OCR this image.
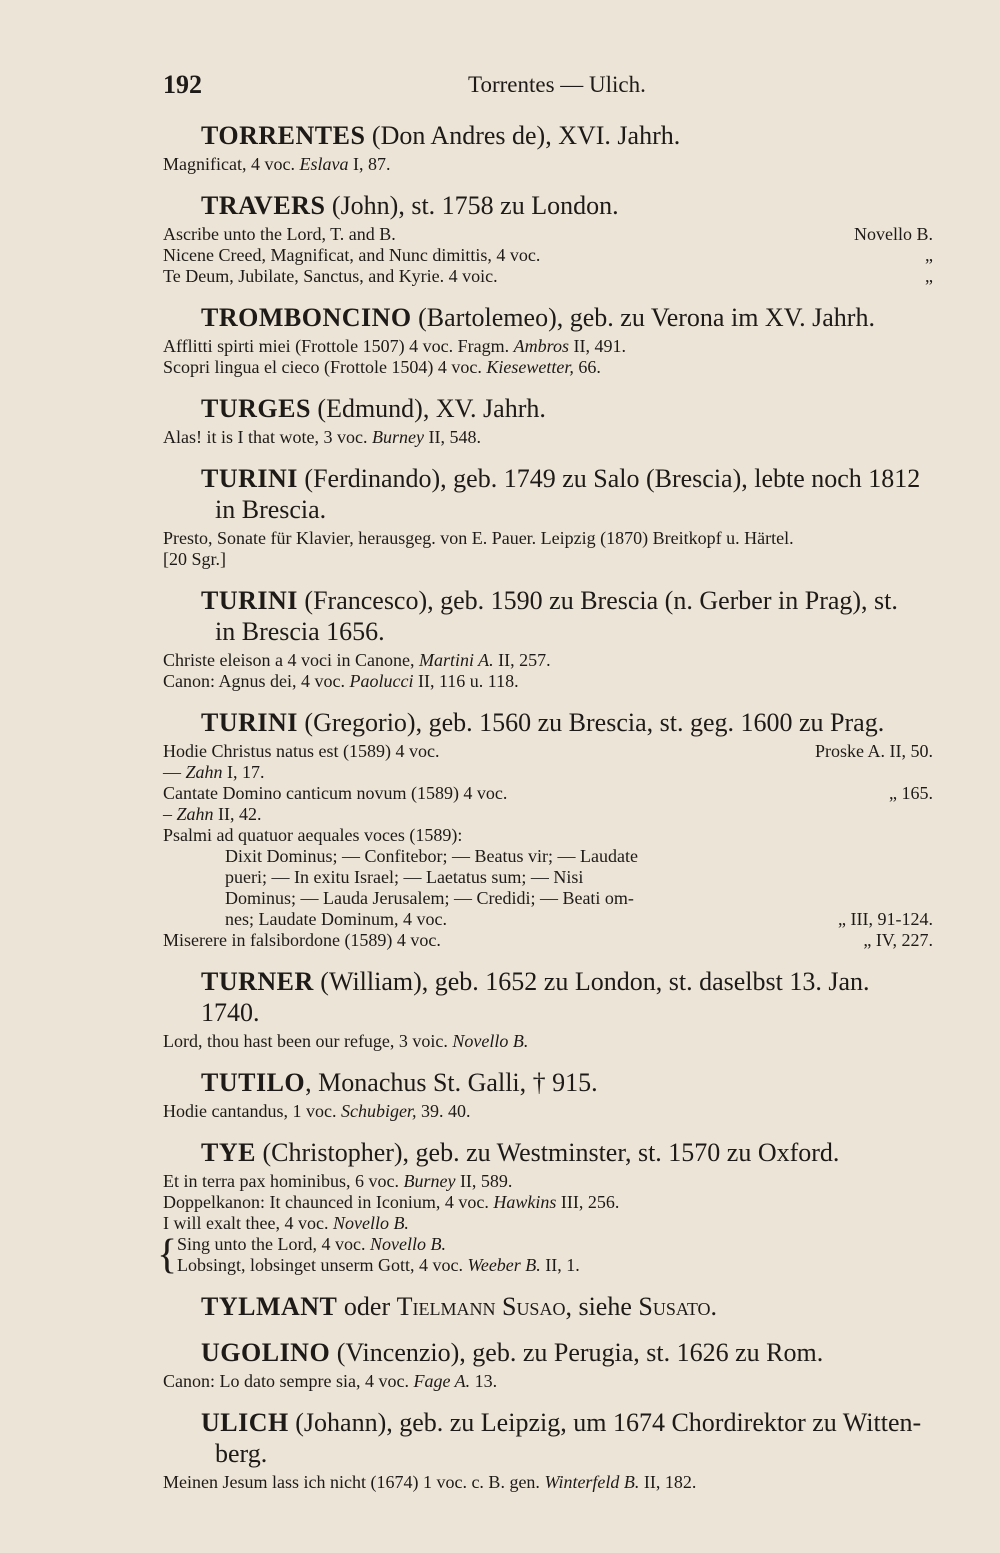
192	Torrentes — Ulich.
TORRENTES (Don Andres de), XVI. Jahrh.
Magnificat, 4 voc. Eslava I, 87.
TRAVERS (John), st. 1758 zu London.
Ascribe unto the Lord, T. and B.	Novello B.
Nicene Creed, Magnificat, and Nunc dimittis, 4 voc.	„
Te Deum, Jubilate, Sanctus, and Kyrie. 4 voic.	„
TROMBONCINO (Bartolemeo), geb. zu Verona im XV. Jahrh.
Afflitti spirti miei (Frottole 1507) 4 voc. Fragm. Ambros II, 491.
Scopri lingua el cieco (Frottole 1504) 4 voc. Kiesewetter, 66.
TURGES (Edmund), XV. Jahrh.
Alas! it is I that wote, 3 voc. Burney II, 548.
TURINI (Ferdinando), geb. 1749 zu Salo (Brescia), lebte noch 1812
in Brescia.
Presto, Sonate für Klavier, herausgeg. von E. Pauer. Leipzig (1870) Breitkopf u. Härtel.
[20 Sgr.]
TURINI (Francesco), geb. 1590 zu Brescia (n. Gerber in Prag), st.
in Brescia 1656.
Christe eleison a 4 voci in Canone, Martini A. II, 257.
Canon: Agnus dei, 4 voc. Paolucci II, 116 u. 118.
TURINI (Gregorio), geb. 1560 zu Brescia, st. geg. 1600 zu Prag.
Hodie Christus natus est (1589) 4 voc.	Proske A. II, 50.
— Zahn I, 17.
Cantate Domino canticum novum (1589) 4 voc.	„ 165.
– Zahn II, 42.
Psalmi ad quatuor aequales voces (1589):
Dixit Dominus; — Confitebor; — Beatus vir; — Laudate
pueri; — In exitu Israel; — Laetatus sum; — Nisi
Dominus; — Lauda Jerusalem; — Credidi; — Beati om-
nes; Laudate Dominum, 4 voc.	„ III, 91-124.
Miserere in falsibordone (1589) 4 voc.	„ IV, 227.
TURNER (William), geb. 1652 zu London, st. daselbst 13. Jan. 1740.
Lord, thou hast been our refuge, 3 voic. Novello B.
TUTILO, Monachus St. Galli, † 915.
Hodie cantandus, 1 voc. Schubiger, 39. 40.
TYE (Christopher), geb. zu Westminster, st. 1570 zu Oxford.
Et in terra pax hominibus, 6 voc. Burney II, 589.
Doppelkanon: It chaunced in Iconium, 4 voc. Hawkins III, 256.
I will exalt thee, 4 voc. Novello B.
{ Sing unto the Lord, 4 voc. Novello B.
Lobsingt, lobsinget unserm Gott, 4 voc. Weeber B. II, 1.
TYLMANT oder Tielmann Susao, siehe Susato.
UGOLINO (Vincenzio), geb. zu Perugia, st. 1626 zu Rom.
Canon: Lo dato sempre sia, 4 voc. Fage A. 13.
ULICH (Johann), geb. zu Leipzig, um 1674 Chordirektor zu Witten-
berg.
Meinen Jesum lass ich nicht (1674) 1 voc. c. B. gen. Winterfeld B. II, 182.
